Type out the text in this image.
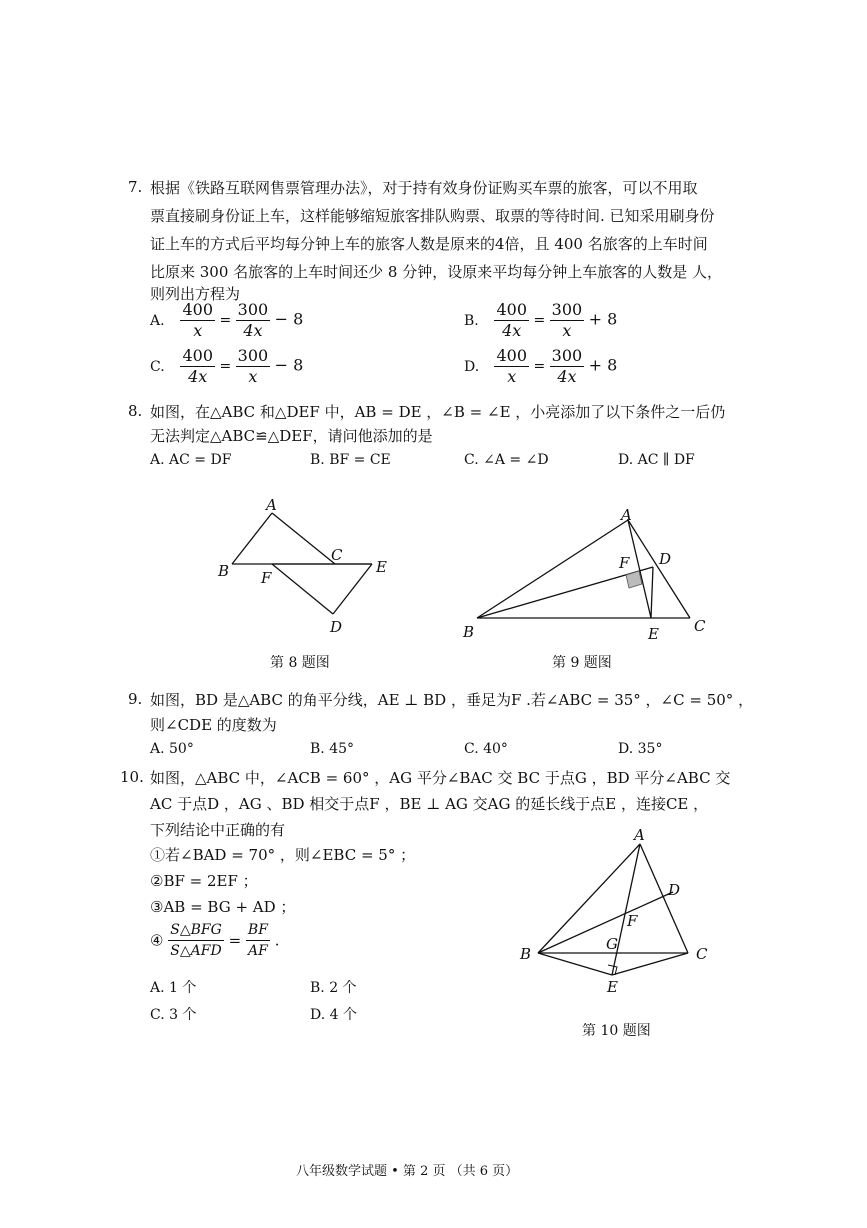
7. 根据《铁路互联网售票管理办法》，对于持有效身份证购买车票的旅客，可以不用取
票直接刷身份证上车，这样能够缩短旅客排队购票、取票的等待时间. 已知采用刷身份
证上车的方式后平均每分钟上车的旅客人数是原来的4倍，且 400 名旅客的上车时间
比原来 300 名旅客的上车时间还少 8 分钟，设原来平均每分钟上车旅客的人数是 人，
则列出方程为
A. $\frac{400}{x} = \frac{300}{4x} - 8$	B. $\frac{400}{4x} = \frac{300}{x} + 8$
C. $\frac{400}{4x} = \frac{300}{x} - 8$	D. $\frac{400}{x} = \frac{300}{4x} + 8$
8. 如图，在△ABC 和△DEF 中，AB = DE ，∠B = ∠E ，小亮添加了以下条件之一后仍
无法判定△ABC≌△DEF，请问他添加的是
A. AC = DF	B. BF = CE	C. ∠A = ∠D	D. AC ∥ DF
A
B
C
E
F
D
第 8 题图
A
F D
B	E C
第 9 题图
9. 如图，BD 是△ABC 的角平分线，AE ⊥ BD ，垂足为F .若∠ABC = 35° ，∠C = 50° ，
则∠CDE 的度数为
A. 50°	B. 45°	C. 40°	D. 35°
10. 如图，△ABC 中，∠ACB = 60° ，AG 平分∠BAC 交 BC 于点G ，BD 平分∠ABC 交
AC 于点D ，AG 、BD 相交于点F ，BE ⊥ AG 交AG 的延长线于点E ，连接CE ，
下列结论中正确的有
①若∠BAD = 70° ，则∠EBC = 5° ；
②BF = 2EF ；
③AB = BG + AD ；
④ $\frac{\text{S△BFG}}{\text{S△AFD}} = \frac{BF}{AF}$ .
A. 1 个	B. 2 个
C. 3 个	D. 4 个
A
D
F
G
B	C
E
第 10 题图
八年级数学试题 • 第 2 页 （共 6 页）
